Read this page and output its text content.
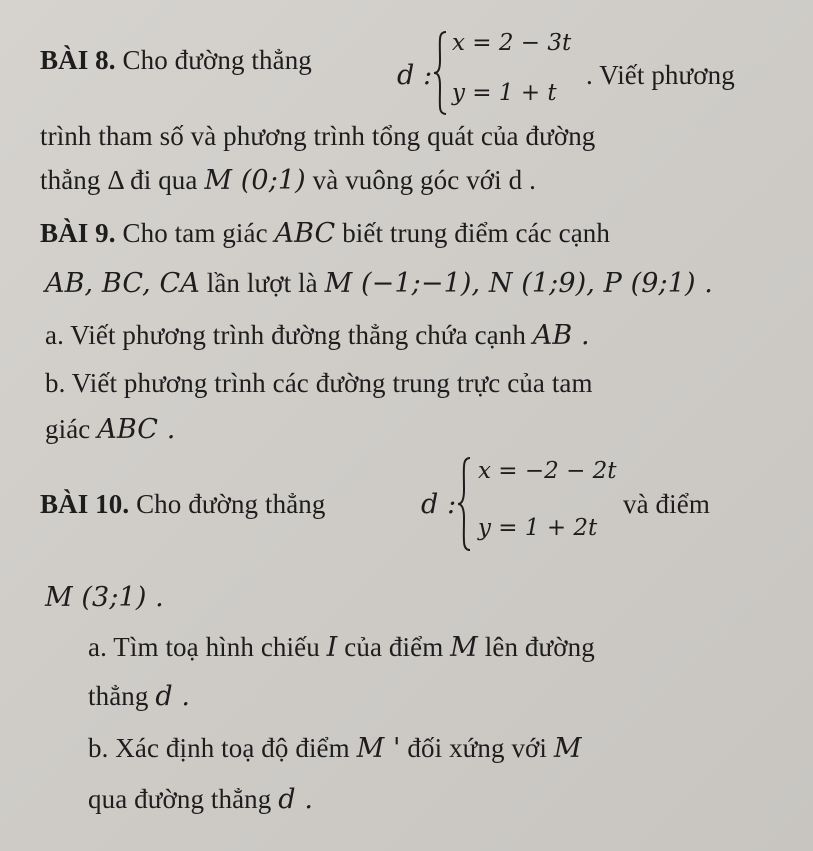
BÀI 8. Cho đường thẳng	d :
x = 2 − 3t
y = 1 + t
. Viết phương
trình tham số và phương trình tổng quát của đường
thẳng Δ đi qua M (0;1) và vuông góc với d .
BÀI 9. Cho tam giác ABC biết trung điểm các cạnh
AB, BC, CA lần lượt là M (−1;−1), N (1;9), P (9;1) .
a. Viết phương trình đường thẳng chứa cạnh AB .
b. Viết phương trình các đường trung trực của tam
giác ABC .
BÀI 10. Cho đường thẳng	d :
x = −2 − 2t
y = 1 + 2t
và điểm
M (3;1) .
a. Tìm toạ hình chiếu I của điểm M lên đường
thẳng d .
b. Xác định toạ độ điểm M ' đối xứng với M
qua đường thẳng d .
